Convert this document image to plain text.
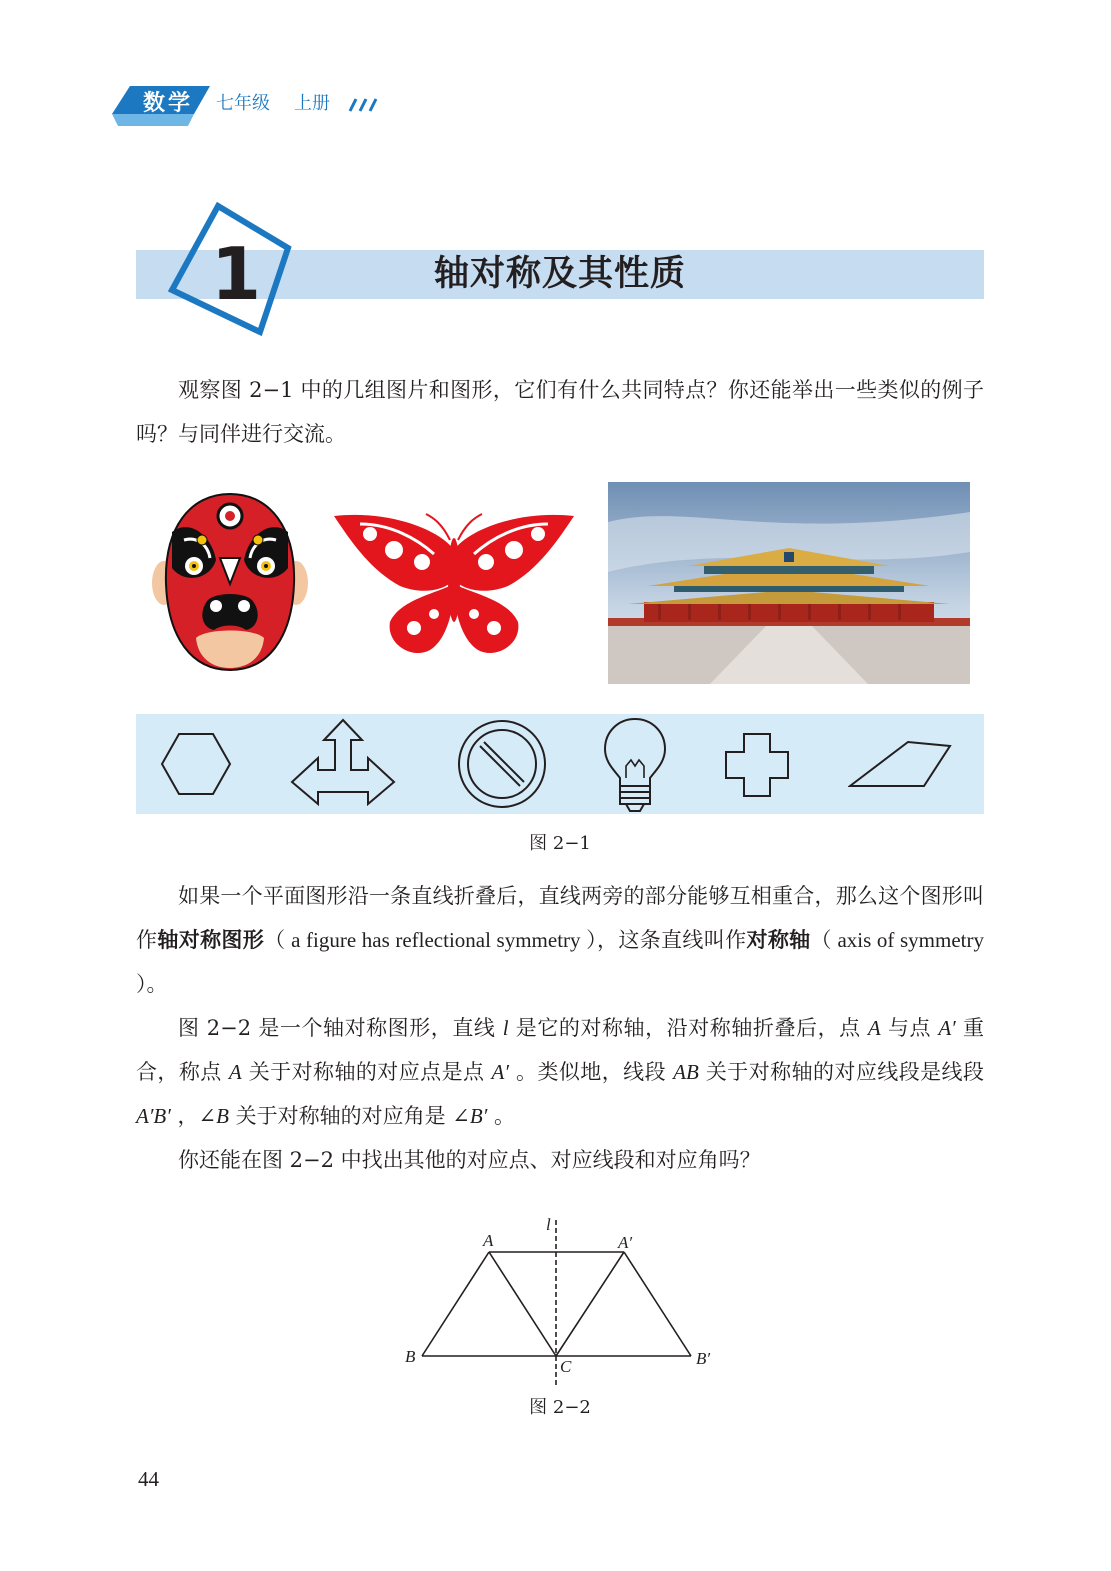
数学	七年级 上册
1	轴对称及其性质

观察图 2−1 中的几组图片和图形，它们有什么共同特点？你还能举出一些类似的例子吗？与同伴进行交流。

图 2−1

如果一个平面图形沿一条直线折叠后，直线两旁的部分能够互相重合，那么这个图形叫作轴对称图形（ a figure has reflectional symmetry ），这条直线叫作对称轴（ axis of symmetry ）。

图 2−2 是一个轴对称图形，直线 l 是它的对称轴，沿对称轴折叠后，点 A 与点 A′ 重合，称点 A 关于对称轴的对应点是点 A′ 。类似地，线段 AB 关于对称轴的对应线段是线段 A′B′ ，∠B 关于对称轴的对应角是 ∠B′ 。

你还能在图 2−2 中找出其他的对应点、对应线段和对应角吗？

l
A	A′
B	B′
C
图 2−2
44
